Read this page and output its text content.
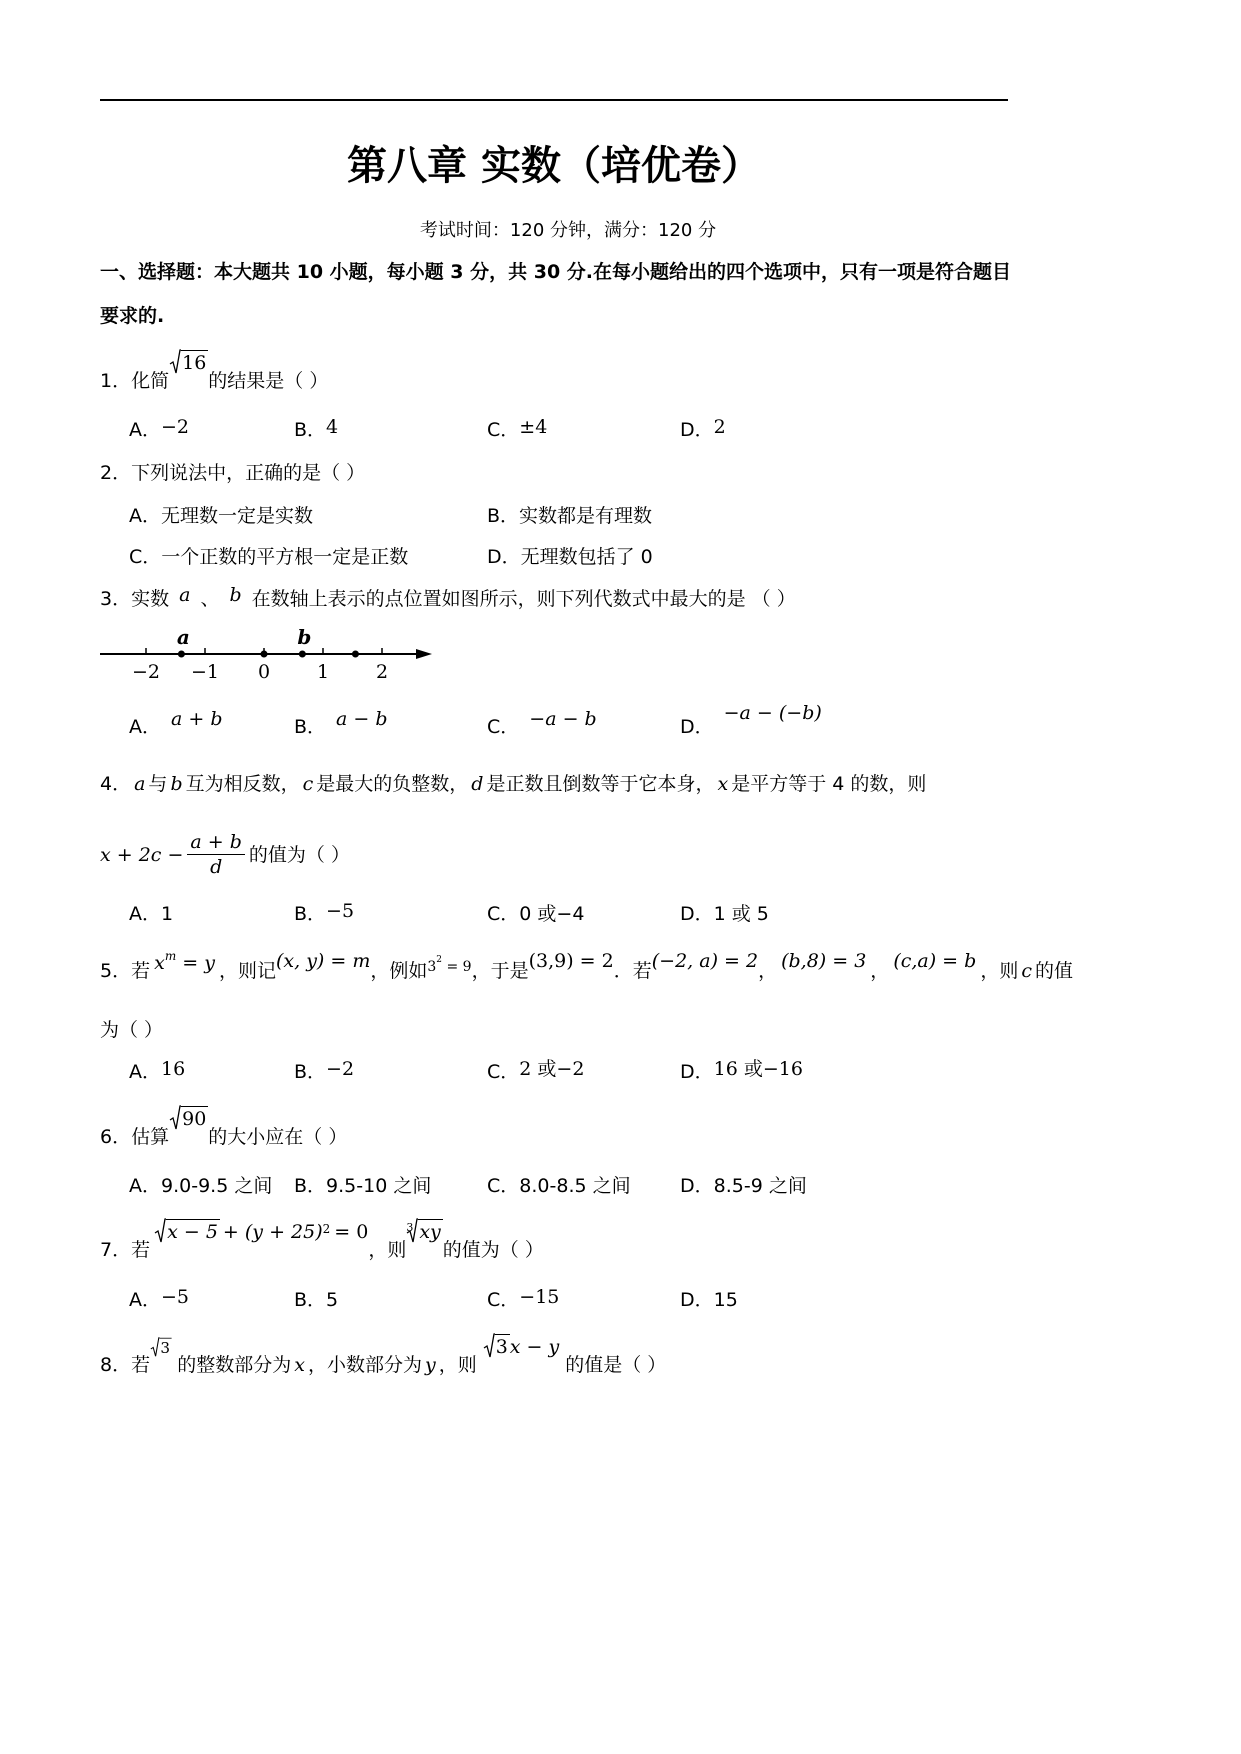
第八章 实数（培优卷）
考试时间：120 分钟，满分：120 分
一、选择题：本大题共 10 小题，每小题 3 分，共 30 分.在每小题给出的四个选项中，只有一项是符合题目
要求的.
1． 化简
16
的结果是（ ）
A． −2	B． 4	C． ±4	D． 2
2． 下列说法中，正确的是（ ）
A． 无理数一定是实数	B． 实数都是有理数
C． 一个正数的平方根一定是正数	D． 无理数包括了 0
3． 实数 a 、 b 在数轴上表示的点位置如图所示，则下列代数式中最大的是 （ ）
−2 −1 0 1 2
a	b
A． a + b	B． a − b	C． −a − b	D．
−a − (−b)
4． a 与 b 互为相反数， c 是最大的负整数， d 是正数且倒数等于它本身， x 是平方等于 4 的数，则
$x + 2c - \frac{a + b}{d}$ 的值为（ ）
A． 1	B． −5	C． 0 或−4	D． 1 或 5
5． 若 $x^m = y$ ，则记 (x, y) = m ，例如 $3^2 = 9$ ，于是 (3,9) = 2 ．若 (−2, a) = 2 ， (b,8) = 3 ， (c,a) = b ，则 c 的值
为（ ）
A． 16	B． −2	C． 2 或−2	D． 16 或−16
6． 估算
90
的大小应在（ ）
A． 9.0-9.5 之间 B． 9.5-10 之间	C． 8.0-8.5 之间	D． 8.5-9 之间
7． 若
x − 5 + (y + 25) 2 = 0
，则
3 xy
的值为（ ）
A． −5	B． 5	C． −15	D． 15
8． 若
3
的整数部分为 x ，小数部分为 y ，则
3 x − y
的值是（ ）
